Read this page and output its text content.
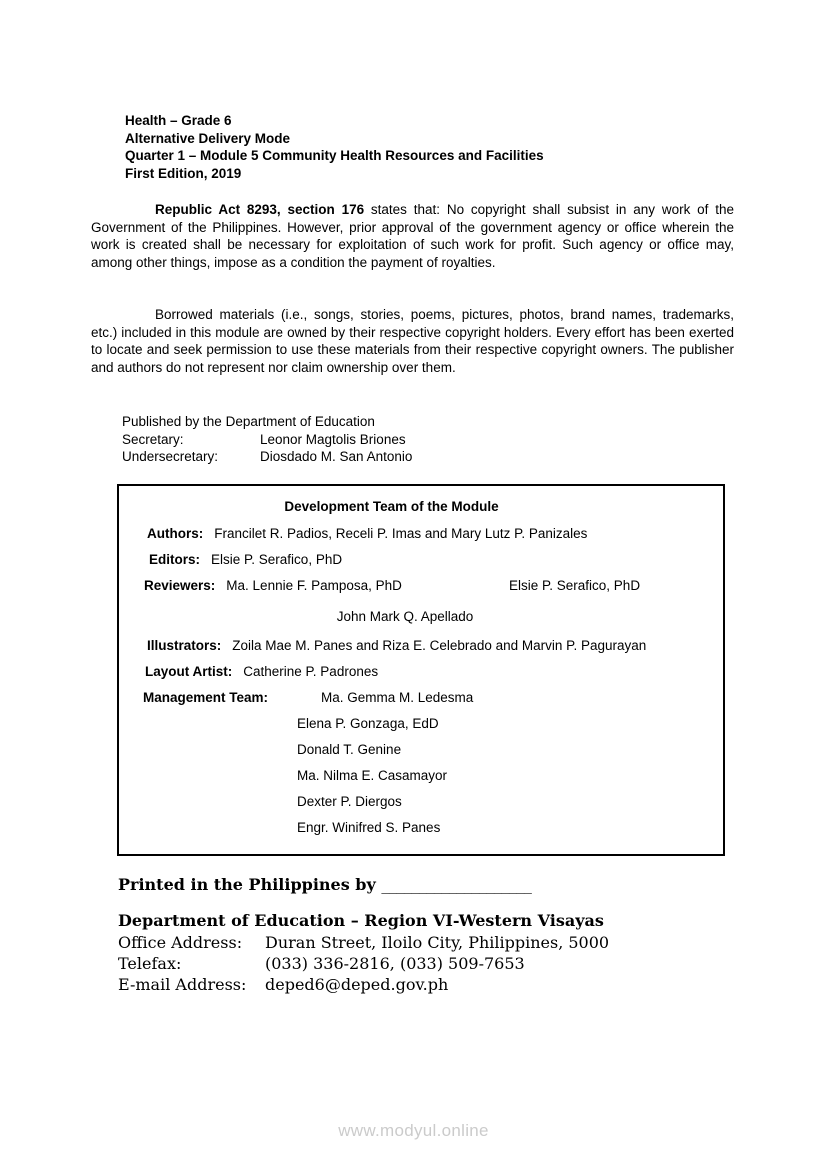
Health – Grade 6
Alternative Delivery Mode
Quarter 1 – Module 5 Community Health Resources and Facilities
First Edition, 2019
Republic Act 8293, section 176 states that: No copyright shall subsist in any work of the Government of the Philippines. However, prior approval of the government agency or office wherein the work is created shall be necessary for exploitation of such work for profit. Such agency or office may, among other things, impose as a condition the payment of royalties.
Borrowed materials (i.e., songs, stories, poems, pictures, photos, brand names, trademarks, etc.) included in this module are owned by their respective copyright holders. Every effort has been exerted to locate and seek permission to use these materials from their respective copyright owners. The publisher and authors do not represent nor claim ownership over them.
Published by the Department of Education
Secretary:	Leonor Magtolis Briones
Undersecretary:	Diosdado M. San Antonio
Development Team of the Module
Authors: Francilet R. Padios, Receli P. Imas and Mary Lutz P. Panizales
Editors: Elsie P. Serafico, PhD
Reviewers: Ma. Lennie F. Pamposa, PhD	Elsie P. Serafico, PhD
John Mark Q. Apellado
Illustrators: Zoila Mae M. Panes and Riza E. Celebrado and Marvin P. Pagurayan
Layout Artist: Catherine P. Padrones
Management Team:	Ma. Gemma M. Ledesma
Elena P. Gonzaga, EdD
Donald T. Genine
Ma. Nilma E. Casamayor
Dexter P. Diergos
Engr. Winifred S. Panes
Printed in the Philippines by ____________________
Department of Education – Region VI-Western Visayas
Office Address:	Duran Street, Iloilo City, Philippines, 5000
Telefax:	(033) 336-2816, (033) 509-7653
E-mail Address:	deped6@deped.gov.ph
www.modyul.online
